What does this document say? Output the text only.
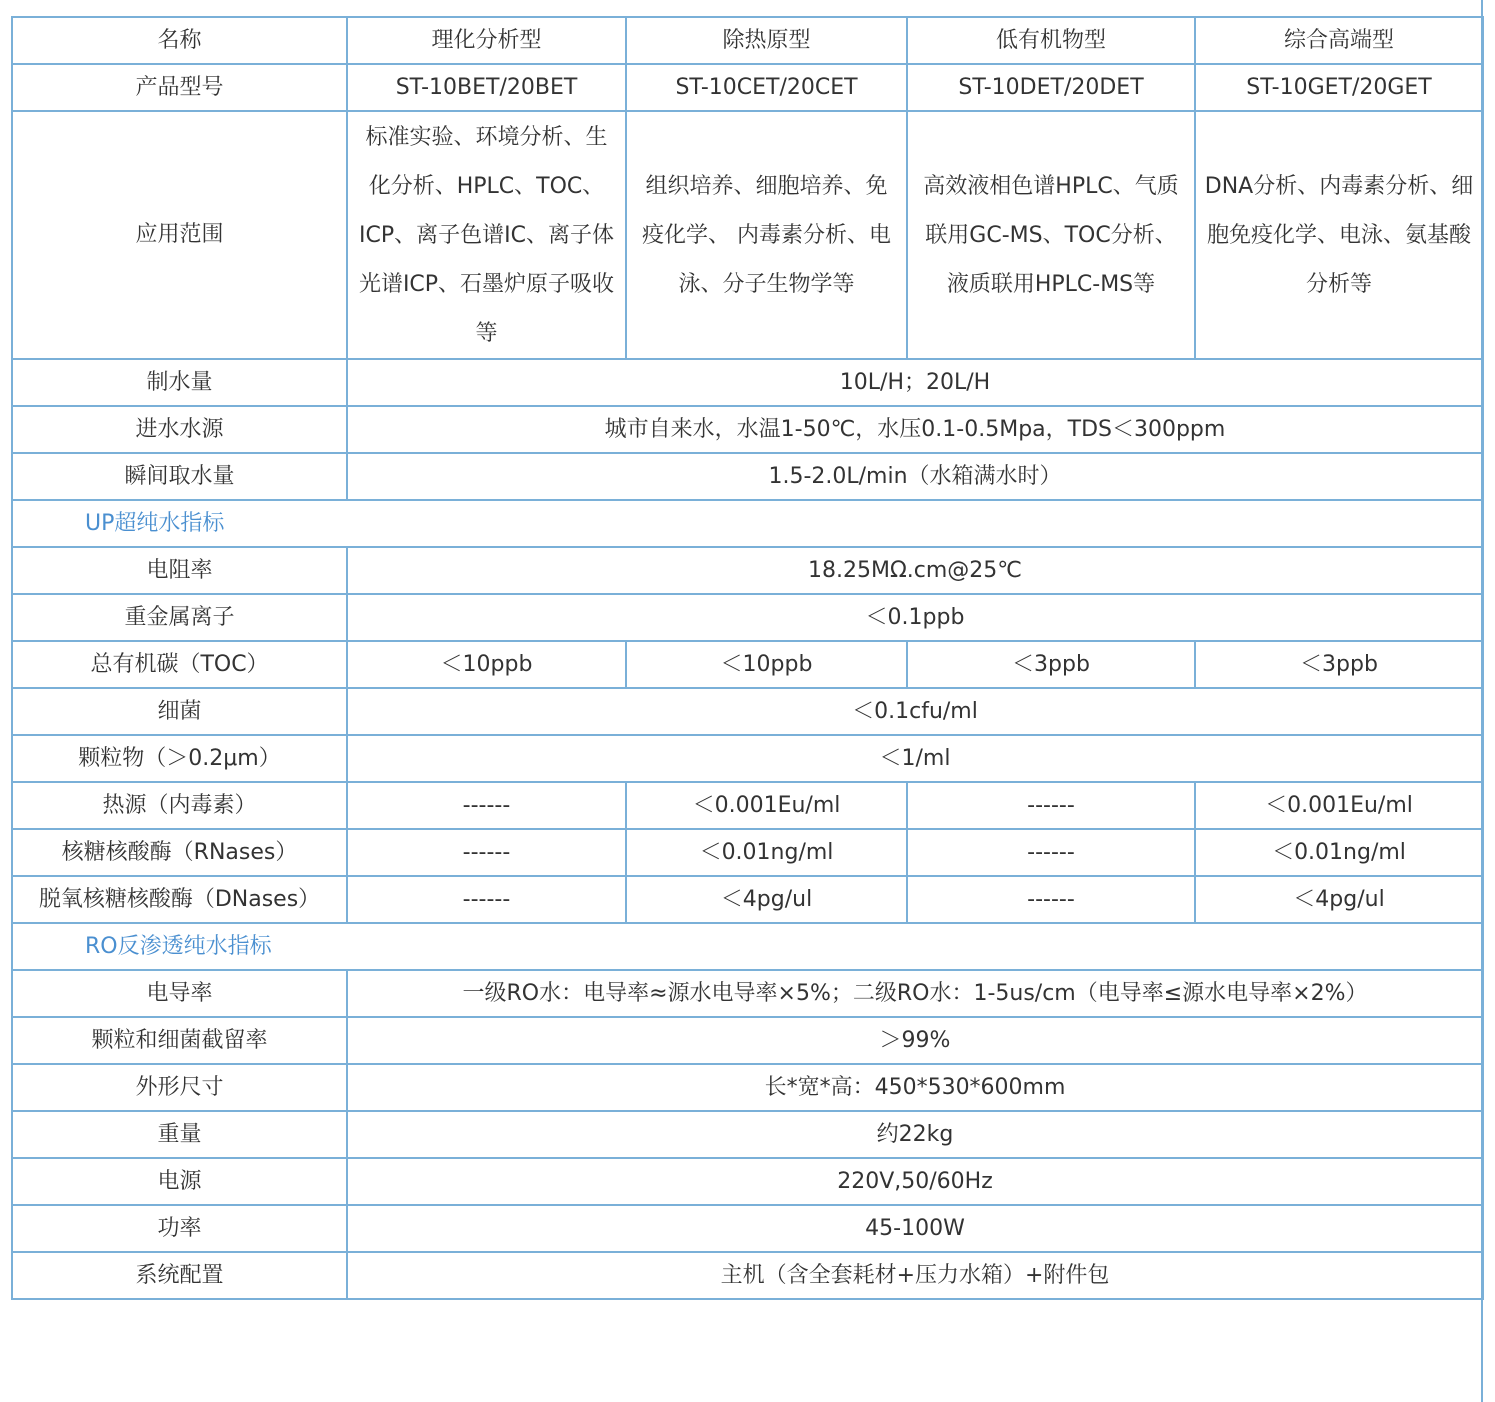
名称	理化分析型	除热原型	低有机物型	综合高端型
产品型号	ST-10BET/20BET	ST-10CET/20CET	ST-10DET/20DET	ST-10GET/20GET
应用范围	标准实验、环境分析、生化分析、HPLC、TOC、ICP、离子色谱IC、离子体光谱ICP、石墨炉原子吸收等	组织培养、细胞培养、免疫化学、 内毒素分析、电泳、分子生物学等	高效液相色谱HPLC、气质联用GC-MS、TOC分析、液质联用HPLC-MS等	DNA分析、内毒素分析、细胞免疫化学、电泳、氨基酸分析等
制水量	10L/H；20L/H			
进水水源	城市自来水，水温1-50℃，水压0.1-0.5Mpa，TDS＜300ppm			
瞬间取水量	1.5-2.0L/min（水箱满水时）			
UP超纯水指标				
电阻率	18.25MΩ.cm@25℃			
重金属离子	＜0.1ppb			
总有机碳（TOC）	＜10ppb	＜10ppb	＜3ppb	＜3ppb
细菌	＜0.1cfu/ml			
颗粒物（＞0.2μm）	＜1/ml			
热源（内毒素）	------	＜0.001Eu/ml	------	＜0.001Eu/ml
核糖核酸酶（RNases）	------	＜0.01ng/ml	------	＜0.01ng/ml
脱氧核糖核酸酶（DNases）	------	＜4pg/ul	------	＜4pg/ul
RO反渗透纯水指标				
电导率	一级RO水：电导率≈源水电导率×5%；二级RO水：1-5us/cm（电导率≤源水电导率×2%）			
颗粒和细菌截留率	＞99%			
外形尺寸	长*宽*高：450*530*600mm			
重量	约22kg			
电源	220V,50/60Hz			
功率	45-100W			
系统配置	主机（含全套耗材+压力水箱）+附件包			
